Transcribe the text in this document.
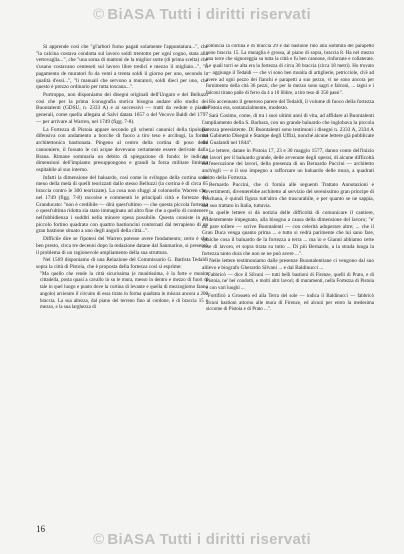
© BiASA Tutti i diritti riservati

Si apprende così che "gl'arbori furno pagati solamente l'appuntatura...", che "la calcina costava condotta sul lavoro soldi trentotto per ogni cogno, stata alla vettovaglia...", che "una soma di mattoni de la miglior sorte (di prima scelta) che s'usano costavano centeseti sul lavoro libre tredici e mezzo il migliaio...", "il pagamento de muratori fu da venti a trenta soldi il giorno per uno, secondo la qualità d'essi...", "li manuali che servono a muratori, soldi dieci per uno, che questo è prezzo ordinario per tutta toscana...".

Purtroppo, non disponiamo dei disegni originali dell'Ungaro e del Belluzzi cosi che per la prima iconografia storica bisogna andare allo studio dei Buontalenti (GDSU, n. 2333 A) e ai successivi — tratti da vedute o piante generali, come quella allegata al Salvi datata 1657 o del Vecovo Baldi del 1797 — per arrivare al Warren, nel 1749 (figg. 7-8).

La Fortezza di Pistoia appare secondo gli schemi canonici della tipologia difensiva con andamento a bocche di fuoco a tiro teso e arcibugi, la forma architettonica bastionata. Pingeno al centro della cortina di poso delle cannoniere, il fossato le cui acque dovevano certamente essere derivate dalla Brana. Rimane sommaria un debito di spiegazione di fondo: le indicate dimensioni dell'impianto presuppongono e grandi la forza militare limitata ospitabile al suo interno.

Infatti la dimensione del baluardo, così come lo sviluppo della cortina sono meno della metà di quelli teorizzati dallo stesso Belluzzi (la cortina è di circa 65 braccia contro le 300 teorizzate). La cosa non sfuggi al colonnello Warren che, nel 1749 (figg. 7-8) raccolse e commentò le principali città e fortezze del Granducato: "non è credibile — dirà quest'ultimo — che questa piccola fortezza o quest'ultima ridotta sia stato immaginato ad altro fine che a quello di contenere nell'ubbidienza i sudditi nella minore spesa possibile. Questa consiste in un piccolo fortino quadrato con quattro bastioncini contornati dal terrapieno di un gran bastione situato a uno degli angoli della città...".

Difficile dire se l'ipotesi del Warren potesse avere fondamento; certo è che ben presto, circa tre decenni dopo la redazione datane dal Sanmarino, si presentò il problema di un ragionevole ampliamento della sua struttura.

Nel 1569 disponiamo di una Relazione del Commissario G. Battista Tedaldi sopra la città di Pistoia, che è proposta della fortezza così si esprime:

"Ma quello che rende la città sicurissima (e munitissima, è la forte e munita cittadella, posta quasi a cavallo in su le mura, messo in dentro e mezzo di fuori di tale in quel luogo e punto dove la cortina di levante e quella di mezzogiorno fanno angolo) arcierato il circuito di essa tirato in forma quadrata in misura ancora a 200 braccia. La sua altezza, dal piano del terreno fino al cordone, è di braccia 15 e mezzo, e la sua larghezza di

comincia la cortina è di braccia 29 e dal bastione fino alla sommità del parapetto sono braccia 15. La muraglia è grossa, al piano di sopra, braccia 8. Ha nel mezzo una torre che signoreggia su tutta la città e fu ben cannone, rinforzate e collaterate. Le quali torri se alta era la fortezza di circa 30 braccia (circa 18 metri). Ho trovato — aggiunge il Tedaldi — che vi sono ben munita di artiglierie, petricciole, ch'è ad avere ad ogni pezzo dei fianchi e parapetti a suo pezzo, vi ne sono ancora per fornimento della cità 36 pezzi, che per lo mezzo sono sagri e falconi, ... tagni e i falconi tirano palle di ferro da 4 a 10 libbre, a tiro teso di 350 passi".

Ho accennato il generoso parere del Tedaldi, il volume di fuoco della fortezza di Pistoia era, sostanzialmente, modesto.

Sarà Cosimo, come, di tra i suoi ultimi anni di vita, ad affidare al Buontalenti l'ampliamento della S. Barbara, con un grande baluardo che inglobava la piccola fortezza preesistente. Di Buontalenti sono testimoni i disegni n. 2333 A, 2334 A del Gabinetto Disegni e Stampe degli Uffizi, nonché alcune lettere già pubblicate dal Gualandi nel 1844".

Le lettere, datate in Pistoia 17, 23 e 30 maggio 1577, danno conto dell'inizio dei lavori per il baluardo grande, delle avvenute degli operai, di alcune difficoltà nell'esecuzione dei lavori, della presenza di un Bernardo Puccini — architetto anch'egli — e il suo impegno a rafforzare un baluardo delle mura, a quadrati diritto della Fortezza.

Bernardo Puccini, che ci fornia alle seguenti Trattato Annotazioni e Avvertimenti, diventerebbe architetto al servizio del serenissimo gran principe di Toschana, è quindi figura tutt'altro che trascurabile, e per quanto se ne sappia, del suo trattato in Italia, tuttavia.

In quelle lettere si dà notizia delle difficoltà di comunicare il cantiere, evidentemente impegnato, alla bisogna a causa della dimensione del lavoro; "e' mi pare tollere — scrive Buontalenti — con celerità adoperare altre; ... che il Gran Duca venga quanto prima ... e tutto si vedrà parimente che lui sano fare, qualche cosa il baluardo de la fortezza a terra ... ma io e Gianni abbiamo certe cose di lavoro, et sopra tirata su tutto ... Di più Bernardo, a la strada lunga la fortezza tanto dura che non se ne può avere ...".

Nelle lettere testimoniamo dalle presenze Buontalentiane ci vengono dal suo allievo e biografo Gherardo Silvani ... e dal Baldinucci ...

"Fabbricò — dice il Silvani — tutti belli bastioni di Firenze, quelli di Prato, e di Pistoia, ne' bei condotti, e molti altri lavori; di muramenti, nella Fortezza di Pistoia e con vari luoghi ...

"Fortificò a Grosseto ed alla Terra del sole — indica il Baldinucci — fabbricò alcuni bastioni attorno alle mura di Firenze, ed alcuni per entro la medesima siccome di Pistoia e di Prato ...".

16
© BiASA Tutti i diritti riservati
